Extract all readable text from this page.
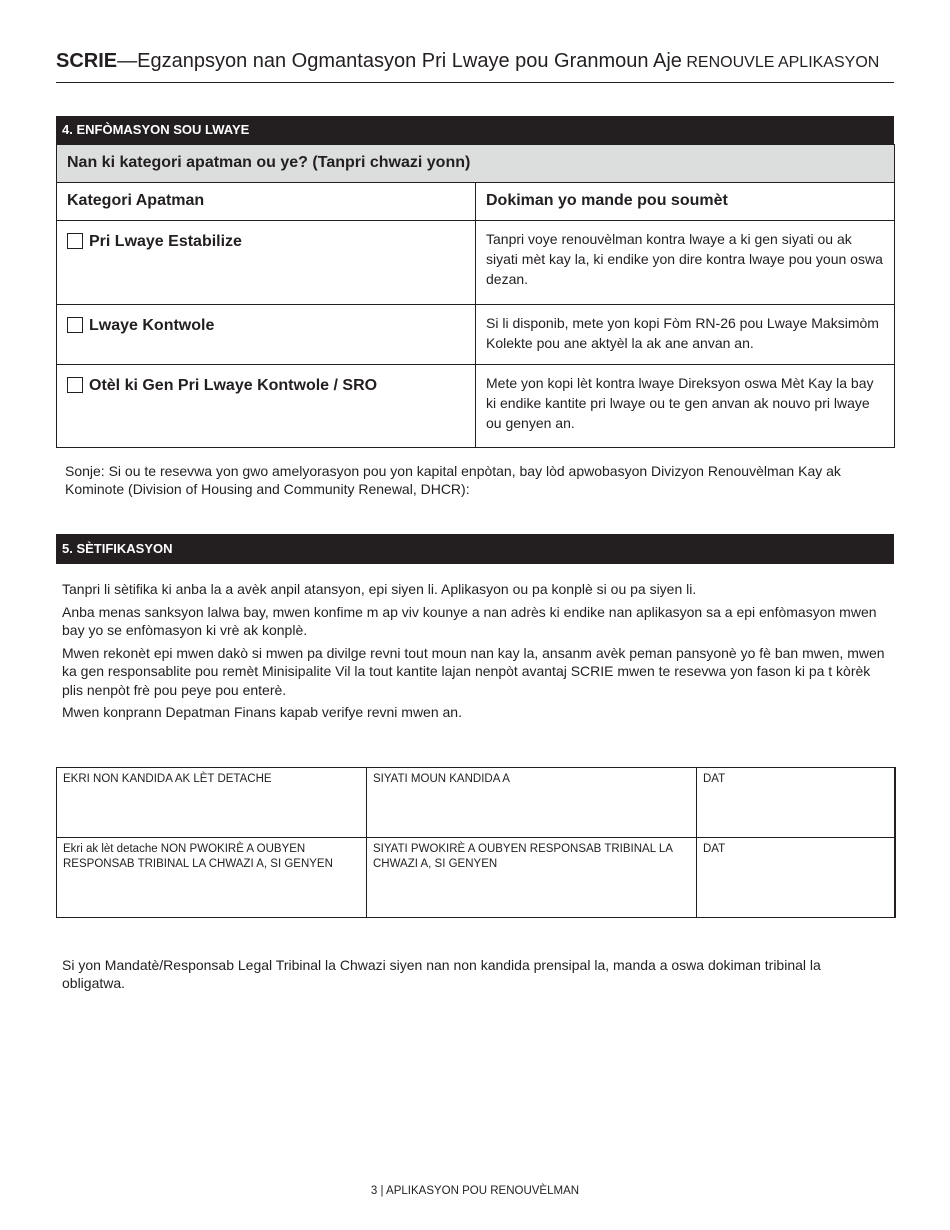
SCRIE—Egzanpsyon nan Ogmantasyon Pri Lwaye pou Granmoun Aje RENOUVLE APLIKASYON
4. ENFÒMASYON SOU LWAYE
Nan ki kategori apatman ou ye? (Tanpri chwazi yonn)	
Kategori Apatman	Dokiman yo mande pou soumèt
Pri Lwaye Estabilize	Tanpri voye renouvèlman kontra lwaye a ki gen siyati ou ak siyati mèt kay la, ki endike yon dire kontra lwaye pou youn oswa dezan.
Lwaye Kontwole	Si li disponib, mete yon kopi Fòm RN-26 pou Lwaye Maksimòm Kolekte pou ane aktyèl la ak ane anvan an.
Otèl ki Gen Pri Lwaye Kontwole / SRO	Mete yon kopi lèt kontra lwaye Direksyon oswa Mèt Kay la bay ki endike kantite pri lwaye ou te gen anvan ak nouvo pri lwaye ou genyen an.
Sonje: Si ou te resevwa yon gwo amelyorasyon pou yon kapital enpòtan, bay lòd apwobasyon Divizyon Renouvèlman Kay ak Kominote (Division of Housing and Community Renewal, DHCR):
5. SÈTIFIKASYON

Tanpri li sètifika ki anba la a avèk anpil atansyon, epi siyen li. Aplikasyon ou pa konplè si ou pa siyen li.

Anba menas sanksyon lalwa bay, mwen konfime m ap viv kounye a nan adrès ki endike nan aplikasyon sa a epi enfòmasyon mwen bay yo se enfòmasyon ki vrè ak konplè.

Mwen rekonèt epi mwen dakò si mwen pa divilge revni tout moun nan kay la, ansanm avèk peman pansyonè yo fè ban mwen, mwen ka gen responsablite pou remèt Minisipalite Vil la tout kantite lajan nenpòt avantaj SCRIE mwen te resevwa yon fason ki pa t kòrèk plis nenpòt frè pou peye pou enterè.

Mwen konprann Depatman Finans kapab verifye revni mwen an.

EKRI NON KANDIDA AK LÈT DETACHE	SIYATI MOUN KANDIDA A	DAT
Ekri ak lèt detache NON PWOKIRÈ A OUBYEN RESPONSAB TRIBINAL LA CHWAZI A, SI GENYEN	SIYATI PWOKIRÈ A OUBYEN RESPONSAB TRIBINAL LA CHWAZI A, SI GENYEN	DAT
Si yon Mandatè/Responsab Legal Tribinal la Chwazi siyen nan non kandida prensipal la, manda a oswa dokiman tribinal la obligatwa.
3 | APLIKASYON POU RENOUVÈLMAN
